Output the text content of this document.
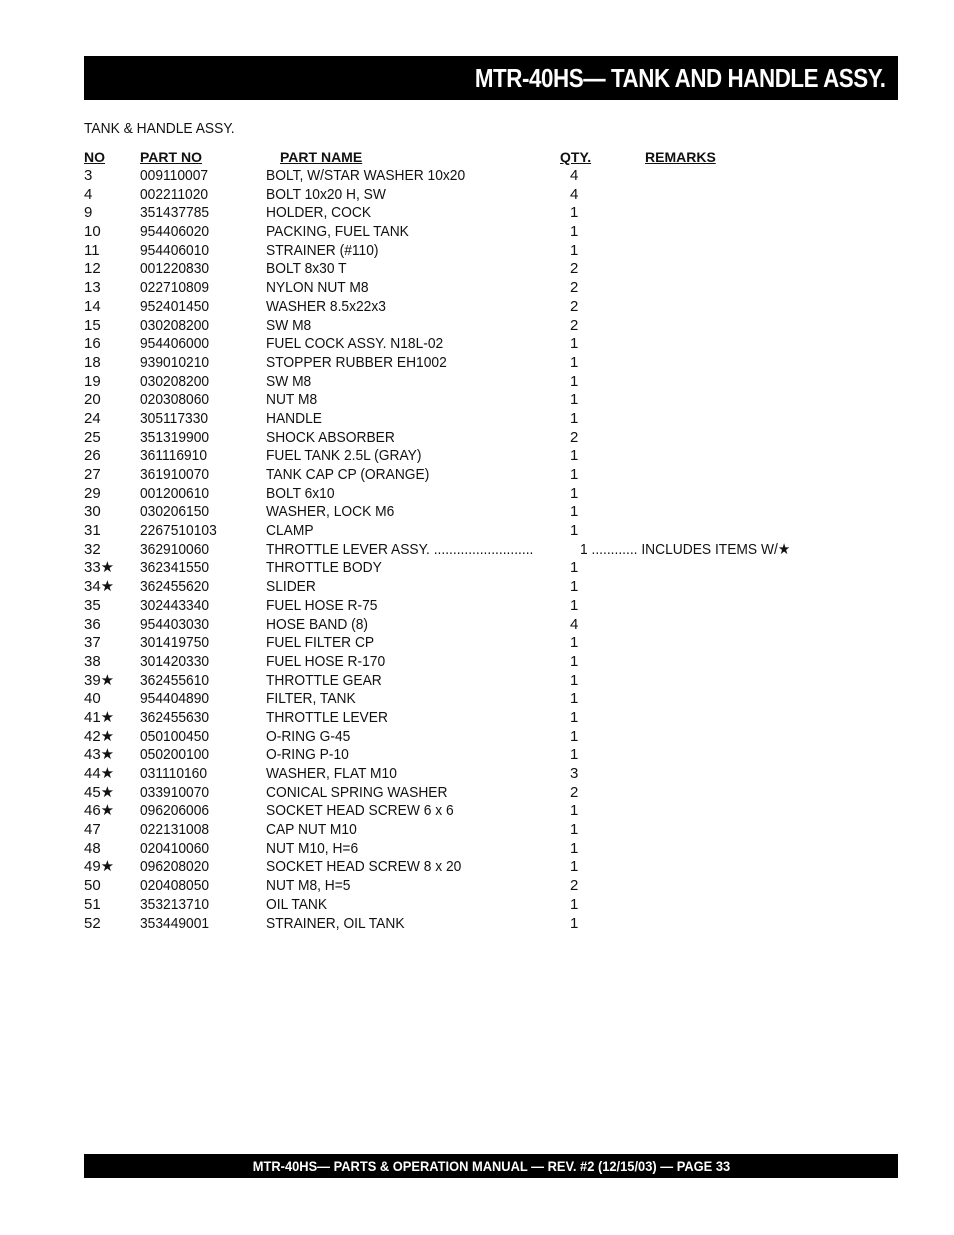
MTR-40HS— TANK AND HANDLE ASSY.
TANK & HANDLE ASSY.
NO	PART NO	PART NAME	QTY.	REMARKS
3	009110007	BOLT, W/STAR WASHER 10x20	4
4	002211020	BOLT 10x20 H, SW	4
9	351437785	HOLDER, COCK	1
10	954406020	PACKING, FUEL TANK	1
11	954406010	STRAINER (#110)	1
12	001220830	BOLT 8x30 T	2
13	022710809	NYLON NUT M8	2
14	952401450	WASHER 8.5x22x3	2
15	030208200	SW M8	2
16	954406000	FUEL COCK ASSY. N18L-02	1
18	939010210	STOPPER RUBBER EH1002	1
19	030208200	SW M8	1
20	020308060	NUT M8	1
24	305117330	HANDLE	1
25	351319900	SHOCK ABSORBER	2
26	361116910	FUEL TANK 2.5L (GRAY)	1
27	361910070	TANK CAP CP (ORANGE)	1
29	001200610	BOLT 6x10	1
30	030206150	WASHER, LOCK M6	1
31	2267510103	CLAMP	1
32	362910060	THROTTLE LEVER ASSY. ..........................	1 ............ INCLUDES ITEMS W/★
33★ 362341550	THROTTLE BODY	1
34★ 362455620	SLIDER	1
35	302443340	FUEL HOSE R-75	1
36	954403030	HOSE BAND (8)	4
37	301419750	FUEL FILTER CP	1
38	301420330	FUEL HOSE R-170	1
39★ 362455610	THROTTLE GEAR	1
40	954404890	FILTER, TANK	1
41★ 362455630	THROTTLE LEVER	1
42★ 050100450	O-RING G-45	1
43★ 050200100	O-RING P-10	1
44★ 031110160	WASHER, FLAT M10	3
45★ 033910070	CONICAL SPRING WASHER	2
46★ 096206006	SOCKET HEAD SCREW 6 x 6	1
47	022131008	CAP NUT M10	1
48	020410060	NUT M10, H=6	1
49★ 096208020	SOCKET HEAD SCREW 8 x 20	1
50	020408050	NUT M8, H=5	2
51	353213710	OIL TANK	1
52	353449001	STRAINER, OIL TANK	1
MTR-40HS— PARTS & OPERATION MANUAL — REV. #2 (12/15/03) — PAGE 33
